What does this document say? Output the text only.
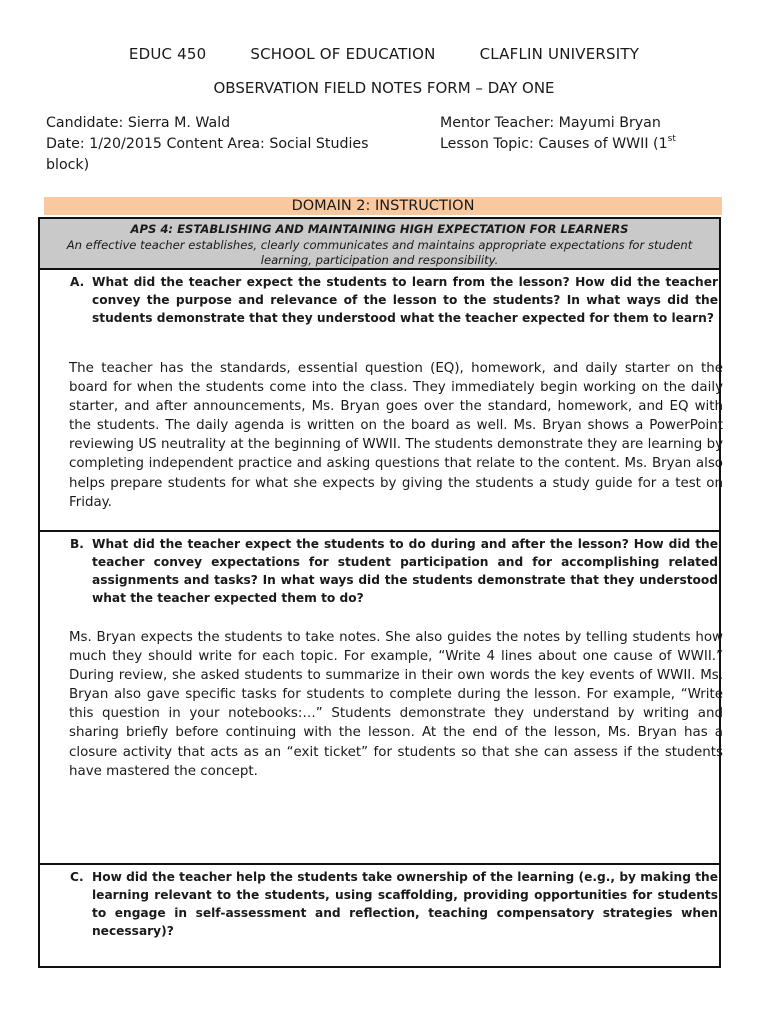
EDUC 450	SCHOOL OF EDUCATION	CLAFLIN UNIVERSITY
OBSERVATION FIELD NOTES FORM – DAY ONE

Candidate: Sierra M. Wald

Date: 1/20/2015 Content Area: Social Studies block)

Mentor Teacher: Mayumi Bryan

Lesson Topic: Causes of WWII (1st

DOMAIN 2: INSTRUCTION
APS 4: ESTABLISHING AND MAINTAINING HIGH EXPECTATION FOR LEARNERS
An effective teacher establishes, clearly communicates and maintains appropriate expectations for student learning, participation and responsibility.
A. What did the teacher expect the students to learn from the lesson? How did the teacher convey the purpose and relevance of the lesson to the students? In what ways did the students demonstrate that they understood what the teacher expected for them to learn?
The teacher has the standards, essential question (EQ), homework, and daily starter on the board for when the students come into the class. They immediately begin working on the daily starter, and after announcements, Ms. Bryan goes over the standard, homework, and EQ with the students. The daily agenda is written on the board as well. Ms. Bryan shows a PowerPoint reviewing US neutrality at the beginning of WWII. The students demonstrate they are learning by completing independent practice and asking questions that relate to the content. Ms. Bryan also helps prepare students for what she expects by giving the students a study guide for a test on Friday.
B. What did the teacher expect the students to do during and after the lesson? How did the teacher convey expectations for student participation and for accomplishing related assignments and tasks? In what ways did the students demonstrate that they understood what the teacher expected them to do?
Ms. Bryan expects the students to take notes. She also guides the notes by telling students how much they should write for each topic. For example, “Write 4 lines about one cause of WWII.” During review, she asked students to summarize in their own words the key events of WWII. Ms. Bryan also gave specific tasks for students to complete during the lesson. For example, “Write this question in your notebooks:…” Students demonstrate they understand by writing and sharing briefly before continuing with the lesson. At the end of the lesson, Ms. Bryan has a closure activity that acts as an “exit ticket” for students so that she can assess if the students have mastered the concept.
C. How did the teacher help the students take ownership of the learning (e.g., by making the learning relevant to the students, using scaffolding, providing opportunities for students to engage in self-assessment and reflection, teaching compensatory strategies when necessary)?
